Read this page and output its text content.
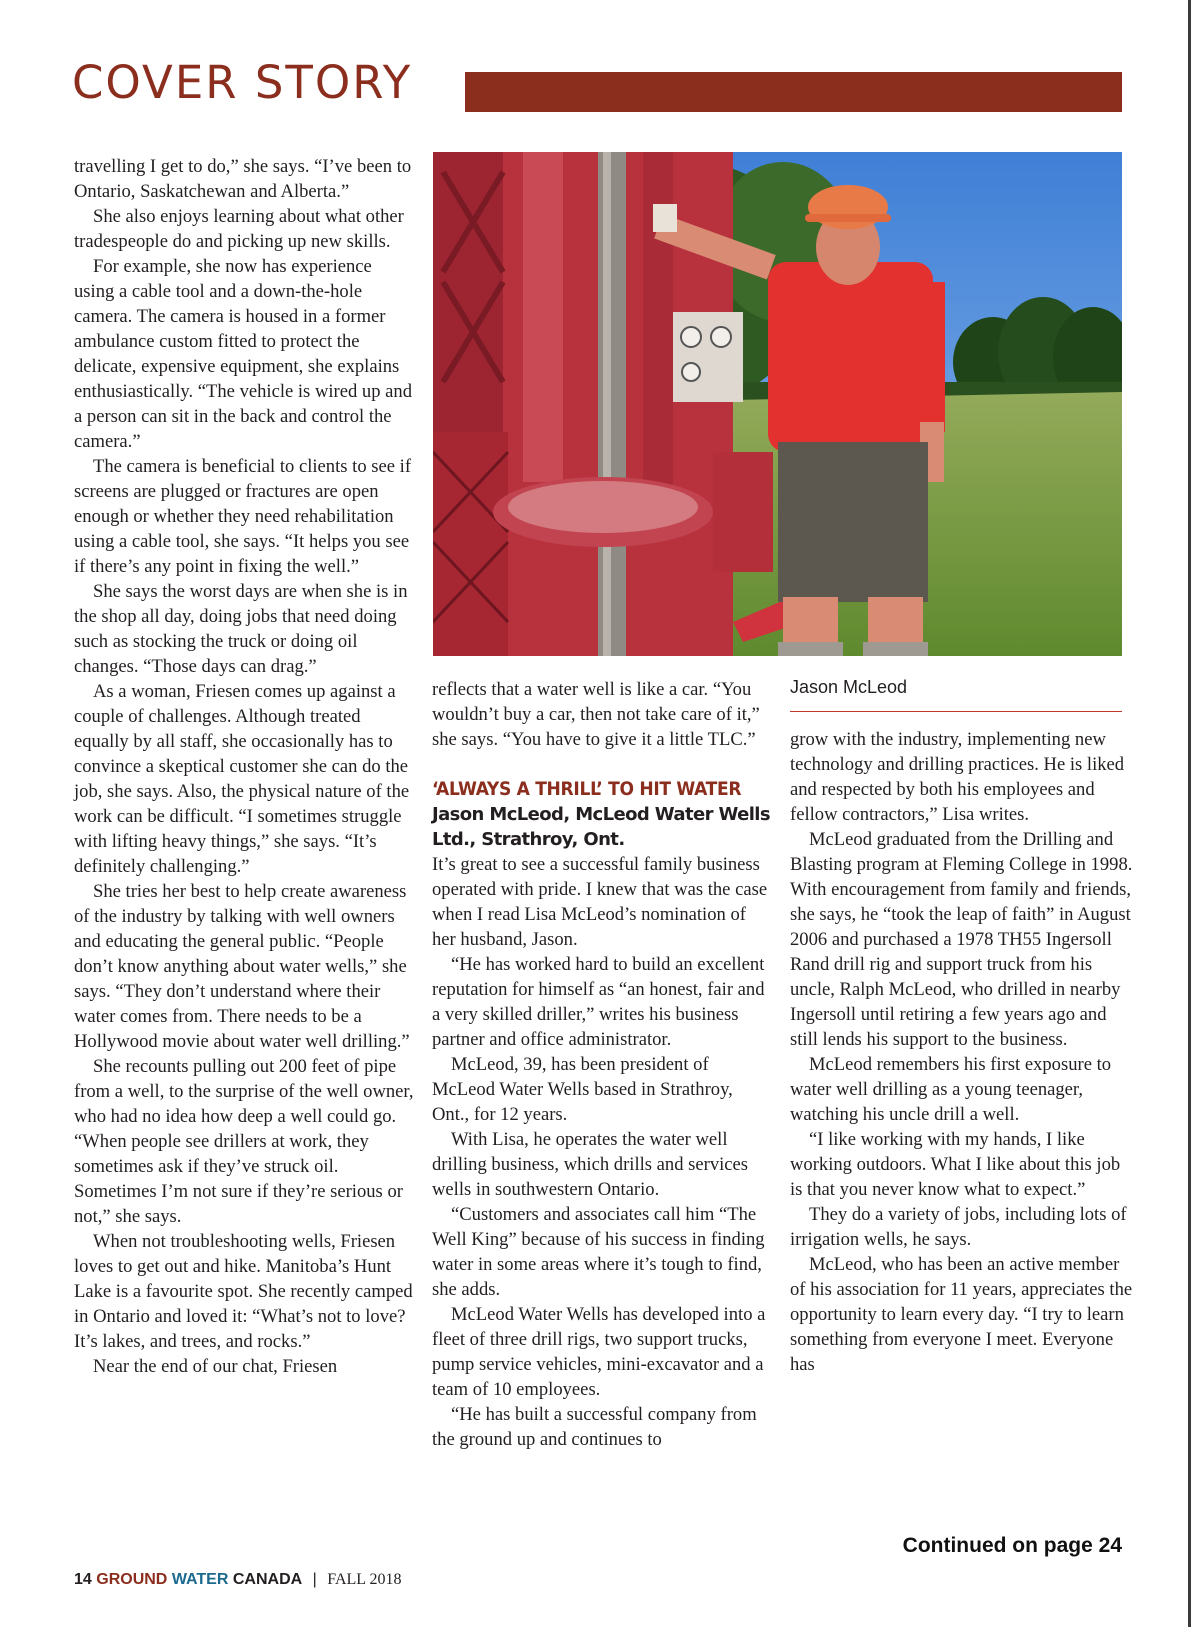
COVER STORY

travelling I get to do,” she says. “I’ve been to Ontario, Saskatchewan and Alberta.”

She also enjoys learning about what other tradespeople do and picking up new skills.

For example, she now has experience using a cable tool and a down-the-hole camera. The camera is housed in a former ambulance custom fitted to protect the delicate, expensive equipment, she explains enthusiastically. “The vehicle is wired up and a person can sit in the back and control the camera.”

The camera is beneficial to clients to see if screens are plugged or fractures are open enough or whether they need rehabilitation using a cable tool, she says. “It helps you see if there’s any point in fixing the well.”

She says the worst days are when she is in the shop all day, doing jobs that need doing such as stocking the truck or doing oil changes. “Those days can drag.”

As a woman, Friesen comes up against a couple of challenges. Although treated equally by all staff, she occasionally has to convince a skeptical customer she can do the job, she says. Also, the physical nature of the work can be difficult. “I sometimes struggle with lifting heavy things,” she says. “It’s definitely challenging.”

She tries her best to help create awareness of the industry by talking with well owners and educating the general public. “People don’t know anything about water wells,” she says. “They don’t understand where their water comes from. There needs to be a Hollywood movie about water well drilling.”

She recounts pulling out 200 feet of pipe from a well, to the surprise of the well owner, who had no idea how deep a well could go. “When people see drillers at work, they sometimes ask if they’ve struck oil. Sometimes I’m not sure if they’re serious or not,” she says.

When not troubleshooting wells, Friesen loves to get out and hike. Manitoba’s Hunt Lake is a favourite spot. She recently camped in Ontario and loved it: “What’s not to love? It’s lakes, and trees, and rocks.”

Near the end of our chat, Friesen

Jason McLeod

reflects that a water well is like a car. “You wouldn’t buy a car, then not take care of it,” she says. “You have to give it a little TLC.”

‘ALWAYS A THRILL’ TO HIT WATER
Jason McLeod, McLeod Water Wells Ltd., Strathroy, Ont.

It’s great to see a successful family business operated with pride. I knew that was the case when I read Lisa McLeod’s nomination of her husband, Jason.

“He has worked hard to build an excellent reputation for himself as “an honest, fair and a very skilled driller,” writes his business partner and office administrator.

McLeod, 39, has been president of McLeod Water Wells based in Strathroy, Ont., for 12 years.

With Lisa, he operates the water well drilling business, which drills and services wells in southwestern Ontario.

“Customers and associates call him “The Well King” because of his success in finding water in some areas where it’s tough to find, she adds.

McLeod Water Wells has developed into a fleet of three drill rigs, two support trucks, pump service vehicles, mini-excavator and a team of 10 employees.

“He has built a successful company from the ground up and continues to

grow with the industry, implementing new technology and drilling practices. He is liked and respected by both his employees and fellow contractors,” Lisa writes.

McLeod graduated from the Drilling and Blasting program at Fleming College in 1998. With encouragement from family and friends, she says, he “took the leap of faith” in August 2006 and purchased a 1978 TH55 Ingersoll Rand drill rig and support truck from his uncle, Ralph McLeod, who drilled in nearby Ingersoll until retiring a few years ago and still lends his support to the business.

McLeod remembers his first exposure to water well drilling as a young teenager, watching his uncle drill a well.

“I like working with my hands, I like working outdoors. What I like about this job is that you never know what to expect.”

They do a variety of jobs, including lots of irrigation wells, he says.

McLeod, who has been an active member of his association for 11 years, appreciates the opportunity to learn every day. “I try to learn something from everyone I meet. Everyone has

Continued on page 24
14 GROUND WATER CANADA | FALL 2018
